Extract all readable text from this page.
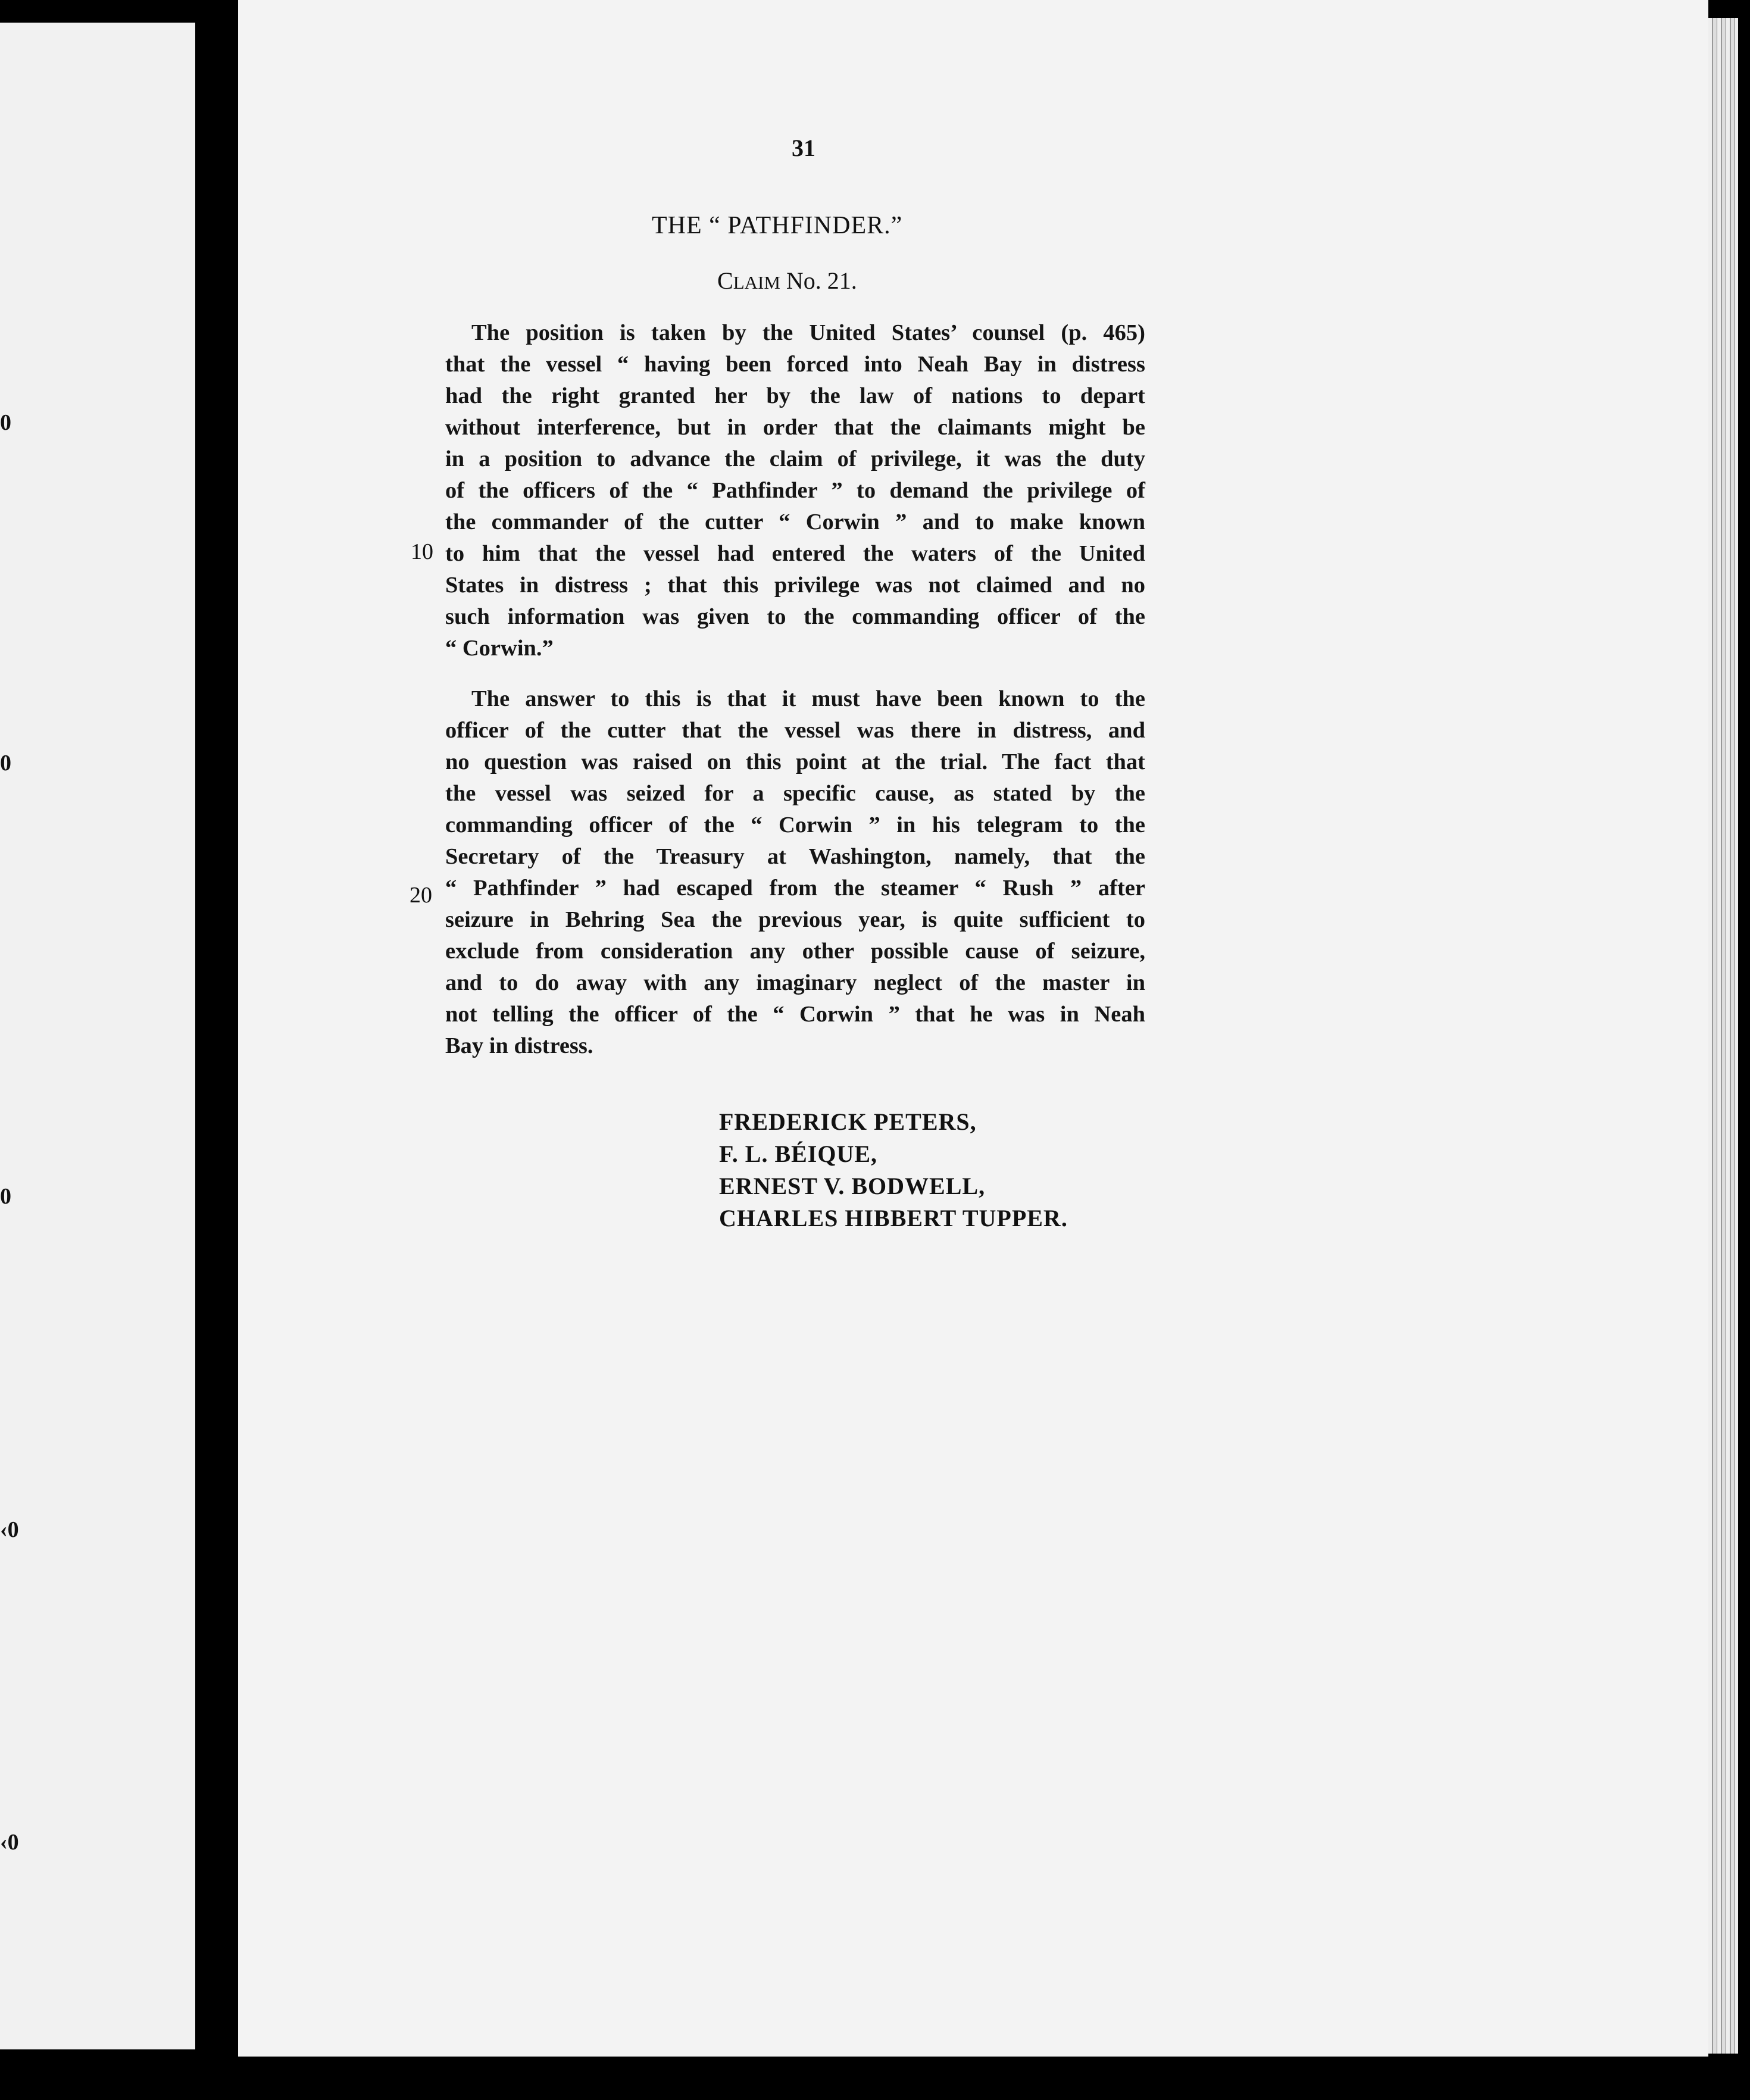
0
0
0
‹0
‹0
31
THE “ PATHFINDER.”
CLAIM No. 21.
10
20
The position is taken by the United States’ counsel (p. 465)
that the vessel “ having been forced into Neah Bay in distress
had the right granted her by the law of nations to depart
without interference, but in order that the claimants might be
in a position to advance the claim of privilege, it was the duty
of the officers of the “ Pathfinder ” to demand the privilege of
the commander of the cutter “ Corwin ” and to make known
to him that the vessel had entered the waters of the United
States in distress ; that this privilege was not claimed and no
such information was given to the commanding officer of the
“ Corwin.”
The answer to this is that it must have been known to the
officer of the cutter that the vessel was there in distress, and
no question was raised on this point at the trial. The fact that
the vessel was seized for a specific cause, as stated by the
commanding officer of the “ Corwin ” in his telegram to the
Secretary of the Treasury at Washington, namely, that the
“ Pathfinder ” had escaped from the steamer “ Rush ” after
seizure in Behring Sea the previous year, is quite sufficient to
exclude from consideration any other possible cause of seizure,
and to do away with any imaginary neglect of the master in
not telling the officer of the “ Corwin ” that he was in Neah
Bay in distress.
FREDERICK PETERS,
F. L. BÉIQUE,
ERNEST V. BODWELL,
CHARLES HIBBERT TUPPER.
